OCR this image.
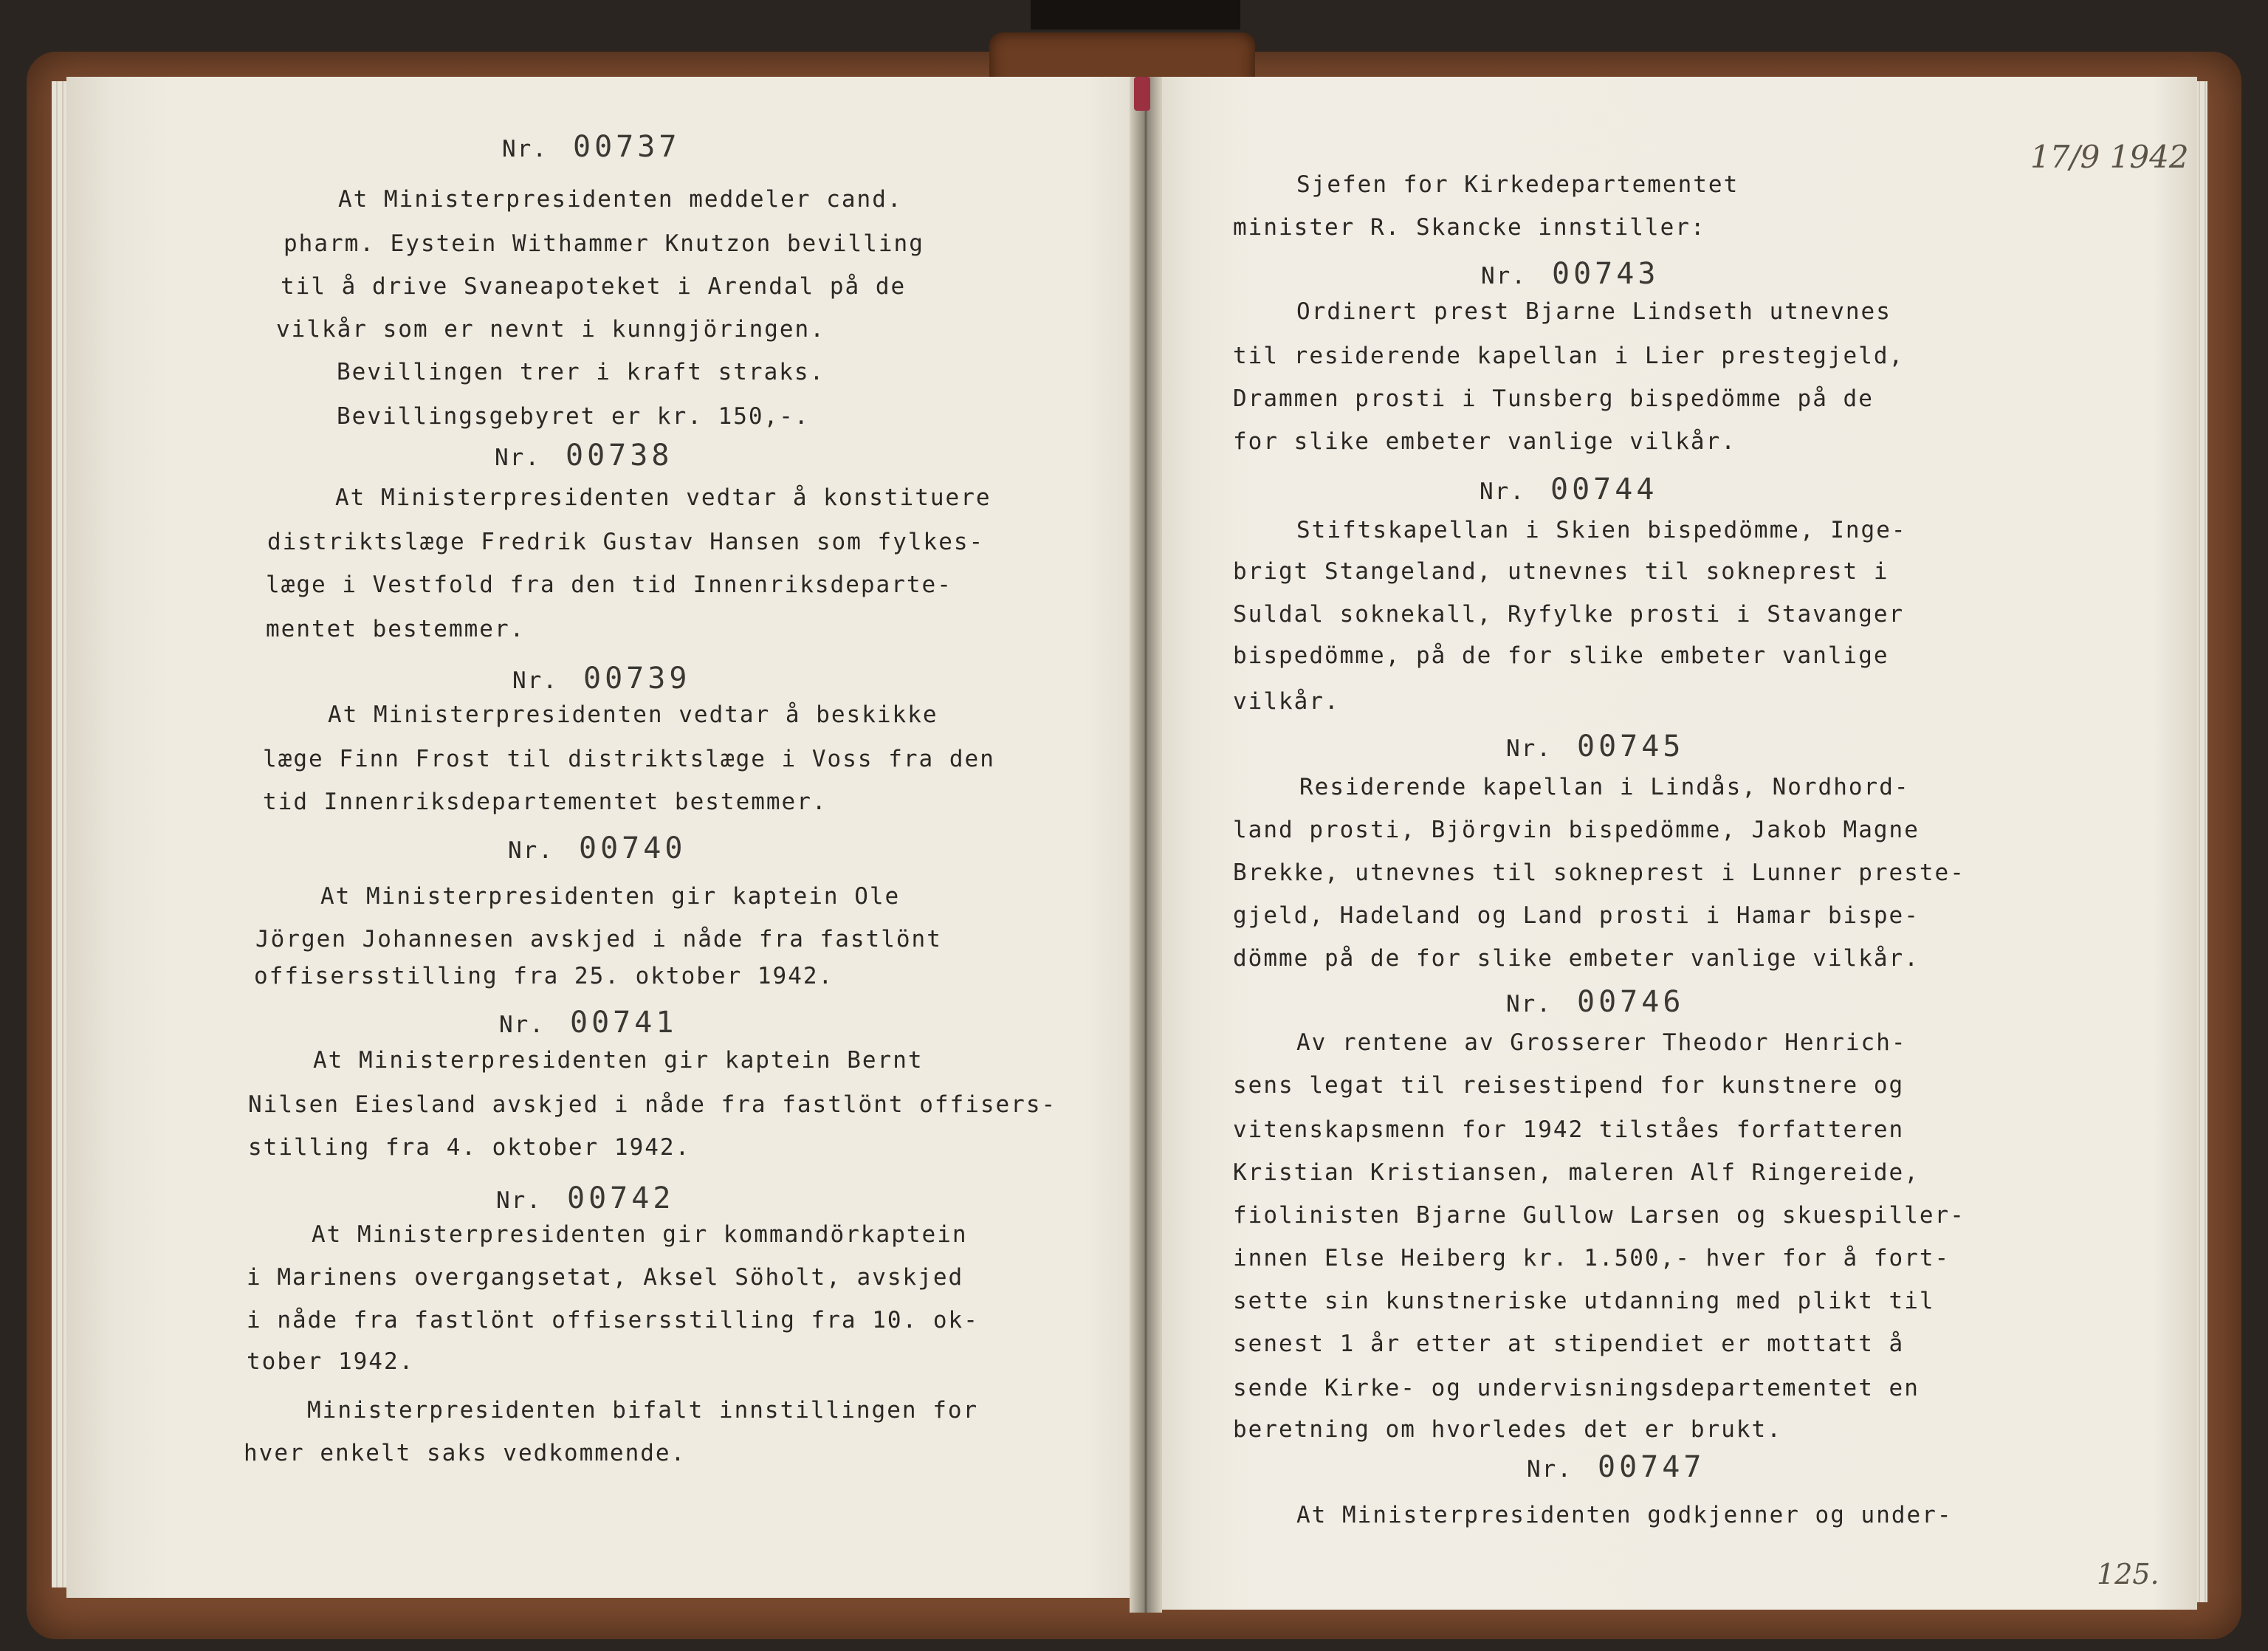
Nr. 00737
At Ministerpresidenten meddeler cand.
pharm. Eystein Withammer Knutzon bevilling
til å drive Svaneapoteket i Arendal på de
vilkår som er nevnt i kunngjöringen.
Bevillingen trer i kraft straks.
Bevillingsgebyret er kr. 150,-.
Nr. 00738
At Ministerpresidenten vedtar å konstituere
distriktslæge Fredrik Gustav Hansen som fylkes-
læge i Vestfold fra den tid Innenriksdeparte-
mentet bestemmer.
Nr. 00739
At Ministerpresidenten vedtar å beskikke
læge Finn Frost til distriktslæge i Voss fra den
tid Innenriksdepartementet bestemmer.
Nr. 00740
At Ministerpresidenten gir kaptein Ole
Jörgen Johannesen avskjed i nåde fra fastlönt
offisersstilling fra 25. oktober 1942.
Nr. 00741
At Ministerpresidenten gir kaptein Bernt
Nilsen Eiesland avskjed i nåde fra fastlönt offisers-
stilling fra 4. oktober 1942.
Nr. 00742
At Ministerpresidenten gir kommandörkaptein
i Marinens overgangsetat, Aksel Söholt, avskjed
i nåde fra fastlönt offisersstilling fra 10. ok-
tober 1942.
Ministerpresidenten bifalt innstillingen for
hver enkelt saks vedkommende.
17/9 1942
Sjefen for Kirkedepartementet
minister R. Skancke innstiller:
Nr. 00743
Ordinert prest Bjarne Lindseth utnevnes
til residerende kapellan i Lier prestegjeld,
Drammen prosti i Tunsberg bispedömme på de
for slike embeter vanlige vilkår.
Nr. 00744
Stiftskapellan i Skien bispedömme, Inge-
brigt Stangeland, utnevnes til sokneprest i
Suldal soknekall, Ryfylke prosti i Stavanger
bispedömme, på de for slike embeter vanlige
vilkår.
Nr. 00745
Residerende kapellan i Lindås, Nordhord-
land prosti, Björgvin bispedömme, Jakob Magne
Brekke, utnevnes til sokneprest i Lunner preste-
gjeld, Hadeland og Land prosti i Hamar bispe-
dömme på de for slike embeter vanlige vilkår.
Nr. 00746
Av rentene av Grosserer Theodor Henrich-
sens legat til reisestipend for kunstnere og
vitenskapsmenn for 1942 tilståes forfatteren
Kristian Kristiansen, maleren Alf Ringereide,
fiolinisten Bjarne Gullow Larsen og skuespiller-
innen Else Heiberg kr. 1.500,- hver for å fort-
sette sin kunstneriske utdanning med plikt til
senest 1 år etter at stipendiet er mottatt å
sende Kirke- og undervisningsdepartementet en
beretning om hvorledes det er brukt.
Nr. 00747
At Ministerpresidenten godkjenner og under-
125.
